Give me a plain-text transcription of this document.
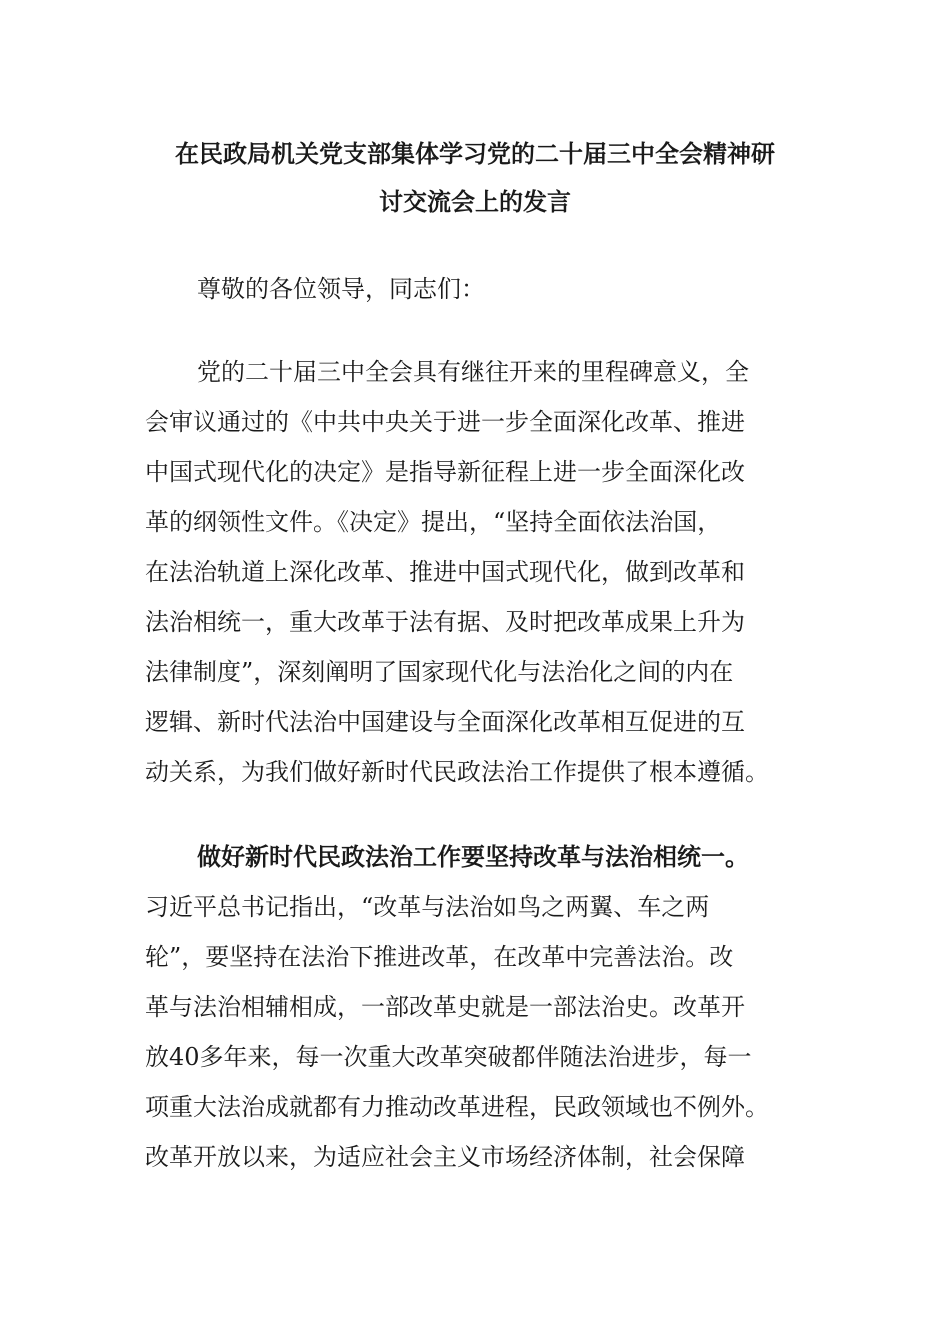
在民政局机关党支部集体学习党的二十届三中全会精神研
讨交流会上的发言
尊敬的各位领导，同志们：
党的二十届三中全会具有继往开来的里程碑意义，全
会审议通过的《中共中央关于进一步全面深化改革、推进
中国式现代化的决定》是指导新征程上进一步全面深化改
革的纲领性文件。《决定》提出，“坚持全面依法治国，
在法治轨道上深化改革、推进中国式现代化，做到改革和
法治相统一，重大改革于法有据、及时把改革成果上升为
法律制度”，深刻阐明了国家现代化与法治化之间的内在
逻辑、新时代法治中国建设与全面深化改革相互促进的互
动关系，为我们做好新时代民政法治工作提供了根本遵循。
做好新时代民政法治工作要坚持改革与法治相统一。
习近平总书记指出，“改革与法治如鸟之两翼、车之两
轮”，要坚持在法治下推进改革，在改革中完善法治。改
革与法治相辅相成，一部改革史就是一部法治史。改革开
放40多年来，每一次重大改革突破都伴随法治进步，每一
项重大法治成就都有力推动改革进程，民政领域也不例外。
改革开放以来，为适应社会主义市场经济体制，社会保障
